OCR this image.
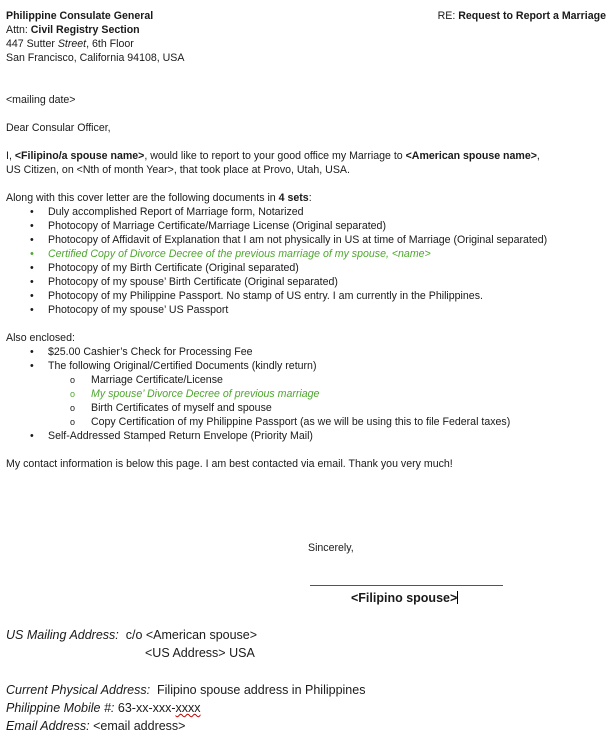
Philippine Consulate General
Attn: Civil Registry Section
447 Sutter Street, 6th Floor
San Francisco, California 94108, USA
<mailing date>
Dear Consular Officer,
I, <Filipino/a spouse name>, would like to report to your good office my Marriage to <American spouse name>,
US Citizen, on <Nth of month Year>, that took place at Provo, Utah, USA.
Along with this cover letter are the following documents in 4 sets:
• Duly accomplished Report of Marriage form, Notarized
• Photocopy of Marriage Certificate/Marriage License (Original separated)
• Photocopy of Affidavit of Explanation that I am not physically in US at time of Marriage (Original separated)
• Certified Copy of Divorce Decree of the previous marriage of my spouse, <name>
• Photocopy of my Birth Certificate (Original separated)
• Photocopy of my spouse’ Birth Certificate (Original separated)
• Photocopy of my Philippine Passport. No stamp of US entry. I am currently in the Philippines.
• Photocopy of my spouse’ US Passport
Also enclosed:
• $25.00 Cashier’s Check for Processing Fee
• The following Original/Certified Documents (kindly return)
o Marriage Certificate/License
o My spouse’ Divorce Decree of previous marriage
o Birth Certificates of myself and spouse
o Copy Certification of my Philippine Passport (as we will be using this to file Federal taxes)
• Self-Addressed Stamped Return Envelope (Priority Mail)
My contact information is below this page. I am best contacted via email. Thank you very much!
RE: Request to Report a Marriage
Sincerely,
<Filipino spouse>
US Mailing Address: c/o <American spouse>
<US Address> USA
Current Physical Address: Filipino spouse address in Philippines
Philippine Mobile #: 63-xx-xxx-xxxx
Email Address: <email address>
